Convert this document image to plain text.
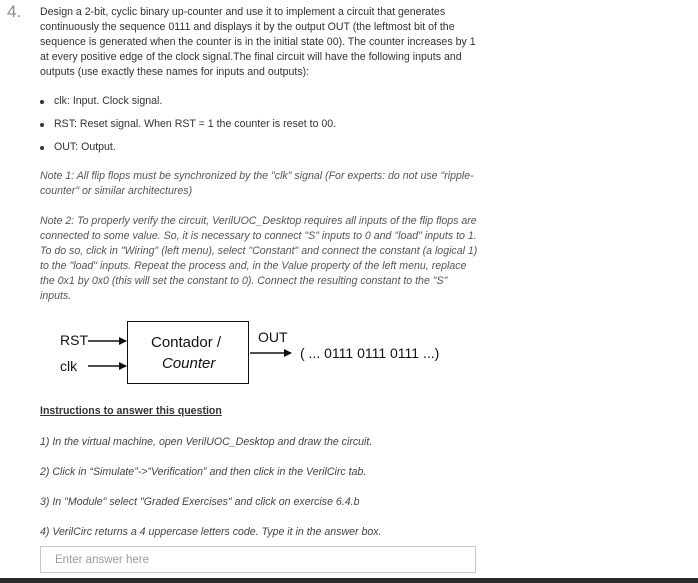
4. Design a 2-bit, cyclic binary up-counter and use it to implement a circuit that generates continuously the sequence 0111 and displays it by the output OUT (the leftmost bit of the sequence is generated when the counter is in the initial state 00). The counter increases by 1 at every positive edge of the clock signal.The final circuit will have the following inputs and outputs (use exactly these names for inputs and outputs):

clk: Input. Clock signal.
RST: Reset signal. When RST = 1 the counter is reset to 00.
OUT: Output.

Note 1: All flip flops must be synchronized by the "clk" signal (For experts: do not use "ripple-counter" or similar architectures)

Note 2: To properly verify the circuit, VerilUOC_Desktop requires all inputs of the flip flops are connected to some value. So, it is necessary to connect "S" inputs to 0 and "load" inputs to 1. To do so, click in "Wiring" (left menu), select "Constant" and connect the constant (a logical 1) to the "load" inputs. Repeat the process and, in the Value property of the left menu, replace the 0x1 by 0x0 (this will set the constant to 0). Connect the resulting constant to the "S" inputs.

RST
clk
Contador /
Counter
OUT
( ... 0111 0111 0111 ...)

Instructions to answer this question

1) In the virtual machine, open VerilUOC_Desktop and draw the circuit.

2) Click in “Simulate”->”Verification” and then click in the VerilCirc tab.

3) In "Module" select "Graded Exercises" and click on exercise 6.4.b

4) VerilCirc returns a 4 uppercase letters code. Type it in the answer box.

Enter answer here
